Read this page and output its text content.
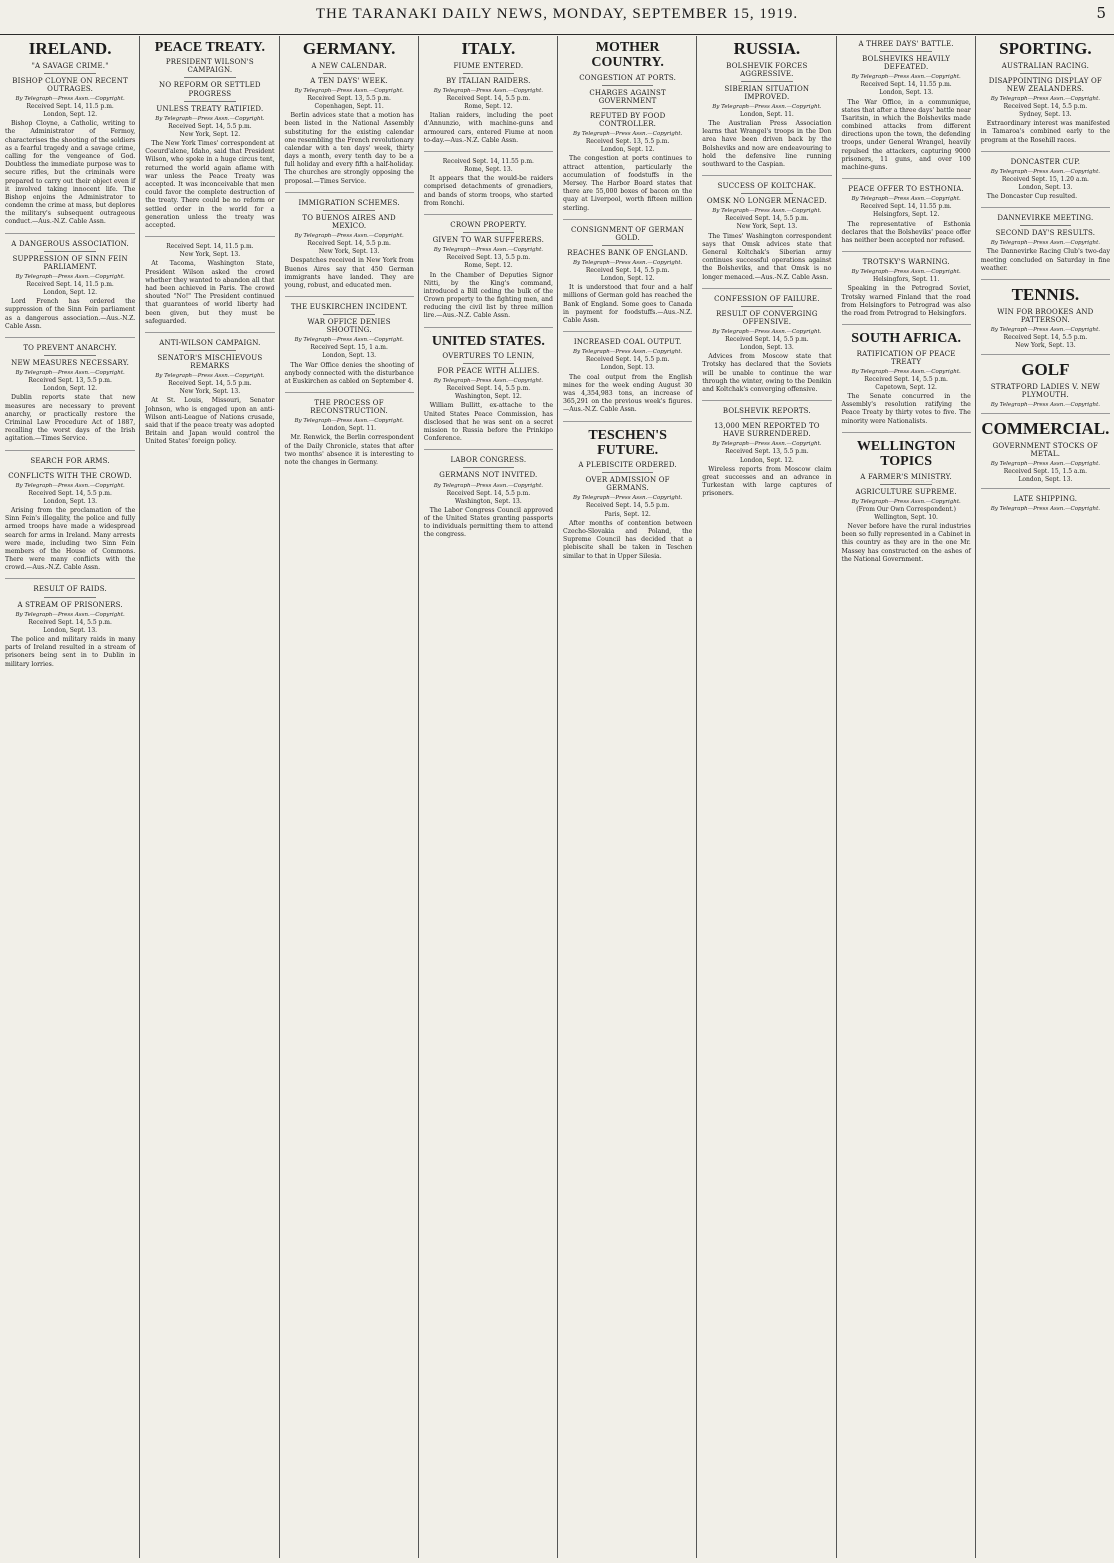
THE TARANAKI DAILY NEWS, MONDAY, SEPTEMBER 15, 1919.	5
IRELAND.
"A SAVAGE CRIME."
BISHOP CLOYNE ON RECENT OUTRAGES.
By Telegraph—Press Assn.—Copyright.
Received Sept. 14, 11.5 p.m.
London, Sept. 12.
Bishop Cloyne, a Catholic, writing to the Administrator of Fermoy, characterises the shooting of the soldiers as a fearful tragedy and a savage crime, calling for the vengeance of God. Doubtless the immediate purpose was to secure rifles, but the criminals were prepared to carry out their object even if it involved taking innocent life. The Bishop enjoins the Administrator to condemn the crime at mass, but deplores the military's subsequent outrageous conduct.—Aus.-N.Z. Cable Assn.
A DANGEROUS ASSOCIATION.
SUPPRESSION OF SINN FEIN PARLIAMENT.
By Telegraph—Press Assn.—Copyright.
Received Sept. 14, 11.5 p.m.
London, Sept. 12.
Lord French has ordered the suppression of the Sinn Fein parliament as a dangerous association.—Aus.-N.Z. Cable Assn.
TO PREVENT ANARCHY.
NEW MEASURES NECESSARY.
By Telegraph—Press Assn.—Copyright.
Received Sept. 13, 5.5 p.m.
London, Sept. 12.
Dublin reports state that new measures are necessary to prevent anarchy, or practically restore the Criminal Law Procedure Act of 1887, recalling the worst days of the Irish agitation.—Times Service.
SEARCH FOR ARMS.
CONFLICTS WITH THE CROWD.
By Telegraph—Press Assn.—Copyright.
Received Sept. 14, 5.5 p.m.
London, Sept. 13.
Arising from the proclamation of the Sinn Fein's illegality, the police and fully armed troops have made a widespread search for arms in Ireland. Many arrests were made, including two Sinn Fein members of the House of Commons. There were many conflicts with the crowd.—Aus.-N.Z. Cable Assn.
RESULT OF RAIDS.
A STREAM OF PRISONERS.
By Telegraph—Press Assn.—Copyright.
Received Sept. 14, 5.5 p.m.
London, Sept. 13.
The police and military raids in many parts of Ireland resulted in a stream of prisoners being sent in to Dublin in military lorries.
PEACE TREATY.
PRESIDENT WILSON'S CAMPAIGN.
NO REFORM OR SETTLED PROGRESS
UNLESS TREATY RATIFIED.
By Telegraph—Press Assn.—Copyright.
Received Sept. 14, 5.5 p.m.
New York, Sept. 12.
The New York Times' correspondent at Coeurd'alene, Idaho, said that President Wilson, who spoke in a huge circus tent, returned the world again aflame with war unless the Peace Treaty was accepted. It was inconceivable that men could favor the complete destruction of the treaty. There could be no reform or settled order in the world for a generation unless the treaty was accepted.
Received Sept. 14, 11.5 p.m.
New York, Sept. 13.
At Tacoma, Washington State, President Wilson asked the crowd whether they wanted to abandon all that had been achieved in Paris. The crowd shouted "No!" The President continued that guarantees of world liberty had been given, but they must be safeguarded.
ANTI-WILSON CAMPAIGN.
SENATOR'S MISCHIEVOUS REMARKS
By Telegraph—Press Assn.—Copyright.
Received Sept. 14, 5.5 p.m.
New York, Sept. 13.
At St. Louis, Missouri, Senator Johnson, who is engaged upon an anti-Wilson anti-League of Nations crusade, said that if the peace treaty was adopted Britain and Japan would control the United States' foreign policy.
GERMANY.
A NEW CALENDAR.
A TEN DAYS' WEEK.
By Telegraph—Press Assn.—Copyright.
Received Sept. 13, 5.5 p.m.
Copenhagen, Sept. 11.
Berlin advices state that a motion has been listed in the National Assembly substituting for the existing calendar one resembling the French revolutionary calendar with a ten days' week, thirty days a month, every tenth day to be a full holiday and every fifth a half-holiday. The churches are strongly opposing the proposal.—Times Service.
IMMIGRATION SCHEMES.
TO BUENOS AIRES AND MEXICO.
By Telegraph—Press Assn.—Copyright.
Received Sept. 14, 5.5 p.m.
New York, Sept. 13.
Despatches received in New York from Buenos Aires say that 450 German immigrants have landed. They are young, robust, and educated men.
THE EUSKIRCHEN INCIDENT.
WAR OFFICE DENIES SHOOTING.
By Telegraph—Press Assn.—Copyright.
Received Sept. 15, 1 a.m.
London, Sept. 13.
The War Office denies the shooting of anybody connected with the disturbance at Euskirchen as cabled on September 4.
THE PROCESS OF RECONSTRUCTION.
By Telegraph—Press Assn.—Copyright.
London, Sept. 11.
Mr. Renwick, the Berlin correspondent of the Daily Chronicle, states that after two months' absence it is interesting to note the changes in Germany.
ITALY.
FIUME ENTERED.
BY ITALIAN RAIDERS.
By Telegraph—Press Assn.—Copyright.
Received Sept. 14, 5.5 p.m.
Rome, Sept. 12.
Italian raiders, including the poet d'Annunzio, with machine-guns and armoured cars, entered Fiume at noon to-day.—Aus.-N.Z. Cable Assn.
Received Sept. 14, 11.55 p.m.
Rome, Sept. 13.
It appears that the would-be raiders comprised detachments of grenadiers, and bands of storm troops, who started from Ronchi.
CROWN PROPERTY.
GIVEN TO WAR SUFFERERS.
By Telegraph—Press Assn.—Copyright.
Received Sept. 13, 5.5 p.m.
Rome, Sept. 12.
In the Chamber of Deputies Signor Nitti, by the King's command, introduced a Bill ceding the bulk of the Crown property to the fighting men, and reducing the civil list by three million lire.—Aus.-N.Z. Cable Assn.
UNITED STATES.
OVERTURES TO LENIN,
FOR PEACE WITH ALLIES.
By Telegraph—Press Assn.—Copyright.
Received Sept. 14, 5.5 p.m.
Washington, Sept. 12.
William Bullitt, ex-attache to the United States Peace Commission, has disclosed that he was sent on a secret mission to Russia before the Prinkipo Conference.
LABOR CONGRESS.
GERMANS NOT INVITED.
By Telegraph—Press Assn.—Copyright.
Received Sept. 14, 5.5 p.m.
Washington, Sept. 13.
The Labor Congress Council approved of the United States granting passports to individuals permitting them to attend the congress.
MOTHER COUNTRY.
CONGESTION AT PORTS.
CHARGES AGAINST GOVERNMENT
REFUTED BY FOOD CONTROLLER.
By Telegraph—Press Assn.—Copyright.
Received Sept. 13, 5.5 p.m.
London, Sept. 12.
The congestion at ports continues to attract attention, particularly the accumulation of foodstuffs in the Mersey. The Harbor Board states that there are 55,000 boxes of bacon on the quay at Liverpool, worth fifteen million sterling.
CONSIGNMENT OF GERMAN GOLD.
REACHES BANK OF ENGLAND.
By Telegraph—Press Assn.—Copyright.
Received Sept. 14, 5.5 p.m.
London, Sept. 12.
It is understood that four and a half millions of German gold has reached the Bank of England. Some goes to Canada in payment for foodstuffs.—Aus.-N.Z. Cable Assn.
INCREASED COAL OUTPUT.
By Telegraph—Press Assn.—Copyright.
Received Sept. 14, 5.5 p.m.
London, Sept. 13.
The coal output from the English mines for the week ending August 30 was 4,354,983 tons, an increase of 365,291 on the previous week's figures.—Aus.-N.Z. Cable Assn.
TESCHEN'S FUTURE.
A PLEBISCITE ORDERED.
OVER ADMISSION OF GERMANS.
By Telegraph—Press Assn.—Copyright.
Received Sept. 14, 5.5 p.m.
Paris, Sept. 12.
After months of contention between Czecho-Slovakia and Poland, the Supreme Council has decided that a plebiscite shall be taken in Teschen similar to that in Upper Silesia.
RUSSIA.
BOLSHEVIK FORCES AGGRESSIVE.
SIBERIAN SITUATION IMPROVED.
By Telegraph—Press Assn.—Copyright.
London, Sept. 11.
The Australian Press Association learns that Wrangel's troops in the Don area have been driven back by the Bolsheviks and now are endeavouring to hold the defensive line running southward to the Caspian.
SUCCESS OF KOLTCHAK.
OMSK NO LONGER MENACED.
By Telegraph—Press Assn.—Copyright.
Received Sept. 14, 5.5 p.m.
New York, Sept. 13.
The Times' Washington correspondent says that Omsk advices state that General Koltchak's Siberian army continues successful operations against the Bolsheviks, and that Omsk is no longer menaced.—Aus.-N.Z. Cable Assn.
CONFESSION OF FAILURE.
RESULT OF CONVERGING OFFENSIVE.
By Telegraph—Press Assn.—Copyright.
Received Sept. 14, 5.5 p.m.
London, Sept. 13.
Advices from Moscow state that Trotsky has declared that the Soviets will be unable to continue the war through the winter, owing to the Denikin and Koltchak's converging offensive.
BOLSHEVIK REPORTS.
13,000 MEN REPORTED TO HAVE SURRENDERED.
By Telegraph—Press Assn.—Copyright.
Received Sept. 13, 5.5 p.m.
London, Sept. 12.
Wireless reports from Moscow claim great successes and an advance in Turkestan with large captures of prisoners.
A THREE DAYS' BATTLE.
BOLSHEVIKS HEAVILY DEFEATED.
By Telegraph—Press Assn.—Copyright.
Received Sept. 14, 11.55 p.m.
London, Sept. 13.
The War Office, in a communique, states that after a three days' battle near Tsaritsin, in which the Bolsheviks made combined attacks from different directions upon the town, the defending troops, under General Wrangel, heavily repulsed the attackers, capturing 9000 prisoners, 11 guns, and over 100 machine-guns.
PEACE OFFER TO ESTHONIA.
By Telegraph—Press Assn.—Copyright.
Received Sept. 14, 11.55 p.m.
Helsingfors, Sept. 12.
The representative of Esthonia declares that the Bolsheviks' peace offer has neither been accepted nor refused.
TROTSKY'S WARNING.
By Telegraph—Press Assn.—Copyright.
Helsingfors, Sept. 11.
Speaking in the Petrograd Soviet, Trotsky warned Finland that the road from Helsingfors to Petrograd was also the road from Petrograd to Helsingfors.
SOUTH AFRICA.
RATIFICATION OF PEACE TREATY
By Telegraph—Press Assn.—Copyright.
Received Sept. 14, 5.5 p.m.
Capetown, Sept. 12.
The Senate concurred in the Assembly's resolution ratifying the Peace Treaty by thirty votes to five. The minority were Nationalists.
WELLINGTON TOPICS
A FARMER'S MINISTRY.
AGRICULTURE SUPREME.
By Telegraph—Press Assn.—Copyright.
(From Our Own Correspondent.)
Wellington, Sept. 10.
Never before have the rural industries been so fully represented in a Cabinet in this country as they are in the one Mr. Massey has constructed on the ashes of the National Government.
SPORTING.
AUSTRALIAN RACING.
DISAPPOINTING DISPLAY OF NEW ZEALANDERS.
By Telegraph—Press Assn.—Copyright.
Received Sept. 14, 5.5 p.m.
Sydney, Sept. 13.
Extraordinary interest was manifested in Tamaroa's combined early to the program at the Rosehill races.
DONCASTER CUP.
By Telegraph—Press Assn.—Copyright.
Received Sept. 15, 1.20 a.m.
London, Sept. 13.
The Doncaster Cup resulted.
DANNEVIRKE MEETING.
SECOND DAY'S RESULTS.
By Telegraph—Press Assn.—Copyright.
The Dannevirke Racing Club's two-day meeting concluded on Saturday in fine weather.
TENNIS.
WIN FOR BROOKES AND PATTERSON.
By Telegraph—Press Assn.—Copyright.
Received Sept. 14, 5.5 p.m.
New York, Sept. 13.
GOLF
STRATFORD LADIES V. NEW PLYMOUTH.
By Telegraph—Press Assn.—Copyright.
COMMERCIAL.
GOVERNMENT STOCKS OF METAL.
By Telegraph—Press Assn.—Copyright.
Received Sept. 15, 1.5 a.m.
London, Sept. 13.
LATE SHIPPING.
By Telegraph—Press Assn.—Copyright.
